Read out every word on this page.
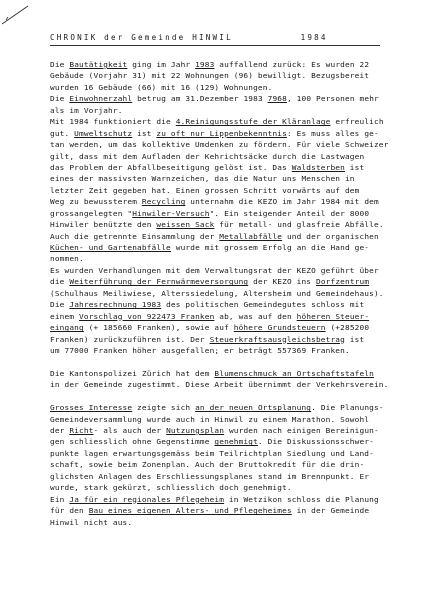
CHRONIK der Gemeinde HINWIL	1984
Die Bautätigkeit ging im Jahr 1983 auffallend zurück: Es wurden 22
Gebäude (Vorjahr 31) mit 22 Wohnungen (96) bewilligt. Bezugsbereit
wurden 16 Gebäude (66) mit 16 (129) Wohnungen.
Die Einwohnerzahl betrug am 31.Dezember 1983 7968, 100 Personen mehr
als im Vorjahr.
Mit 1984 funktioniert die 4.Reinigungsstufe der Kläranlage erfreulich
gut. Umweltschutz ist zu oft nur Lippenbekenntnis: Es muss alles ge-
tan werden, um das kollektive Umdenken zu fördern. Für viele Schweizer
gilt, dass mit dem Aufladen der Kehrichtsäcke durch die Lastwagen
das Problem der Abfallbeseitigung gelöst ist. Das Waldsterben ist
eines der massivsten Warnzeichen, das die Natur uns Menschen in
letzter Zeit gegeben hat. Einen grossen Schritt vorwärts auf dem
Weg zu bewussterem Recycling unternahm die KEZO im Jahr 1984 mit dem
grossangelegten "Hinwiler-Versuch". Ein steigender Anteil der 8000
Hinwiler benützte den weissen Sack für metall- und glasfreie Abfälle.
Auch die getrennte Einsammlung der Metallabfälle und der organischen
Küchen- und Gartenabfälle wurde mit grossem Erfolg an die Hand ge-
nommen.
Es wurden Verhandlungen mit dem Verwaltungsrat der KEZO geführt über
die Weiterführung der Fernwärmeversorgung der KEZO ins Dorfzentrum
(Schulhaus Meiliwiese, Alterssiedelung, Altersheim und Gemeindehaus).
Die Jahresrechnung 1983 des politischen Gemeindegutes schloss mit
einem Vorschlag von 922473 Franken ab, was auf den höheren Steuer-
eingang (+ 185660 Franken), sowie auf höhere Grundsteuern (+285200
Franken) zurückzuführen ist. Der Steuerkraftsausgleichsbetrag ist
um 77000 Franken höher ausgefallen; er beträgt 557369 Franken.
Die Kantonspolizei Zürich hat dem Blumenschmuck an Ortschaftstafeln
in der Gemeinde zugestimmt. Diese Arbeit übernimmt der Verkehrsverein.
Grosses Interesse zeigte sich an der neuen Ortsplanung. Die Planungs-
Gemeindeversammlung wurde auch in Hinwil zu einem Marathon. Sowohl
der Richt- als auch der Nutzungsplan wurden nach einigen Bereinigun-
gen schliesslich ohne Gegenstimme genehmigt. Die Diskussionsschwer-
punkte lagen erwartungsgemäss beim Teilrichtplan Siedlung und Land-
schaft, sowie beim Zonenplan. Auch der Bruttokredit für die drin-
glichsten Anlagen des Erschliessungsplanes stand im Brennpunkt. Er
wurde, stark gekürzt, schliesslich doch genehmigt.
Ein Ja für ein regionales Pflegeheim in Wetzikon schloss die Planung
für den Bau eines eigenen Alters- und Pflegeheimes in der Gemeinde
Hinwil nicht aus.
